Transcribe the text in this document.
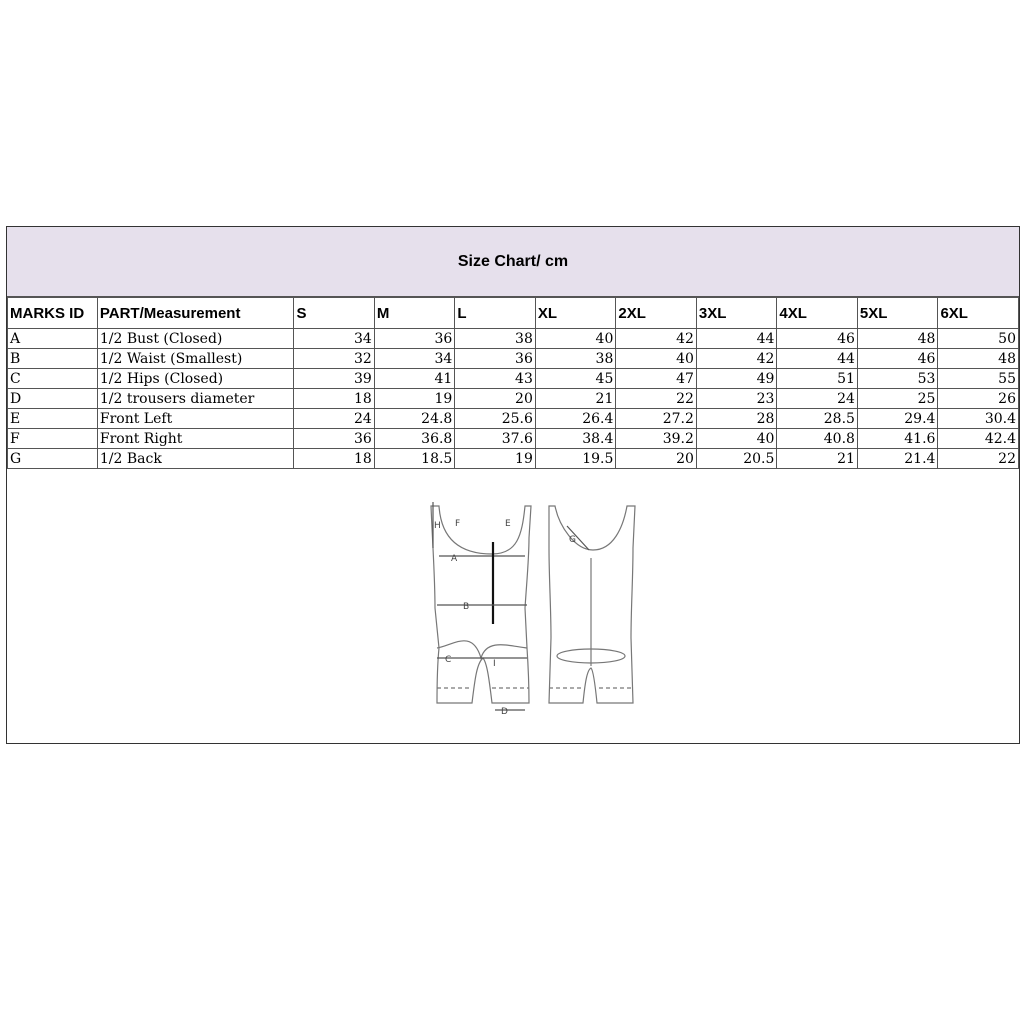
Size Chart/ cm
MARKS ID	PART/Measurement	S	M	L	XL	2XL	3XL	4XL	5XL	6XL
A	1/2 Bust (Closed)	34	36	38	40	42	44	46	48	50
B	1/2 Waist (Smallest)	32	34	36	38	40	42	44	46	48
C	1/2 Hips (Closed)	39	41	43	45	47	49	51	53	55
D	1/2 trousers diameter	18	19	20	21	22	23	24	25	26
E	Front Left	24	24.8	25.6	26.4	27.2	28	28.5	29.4	30.4
F	Front Right	36	36.8	37.6	38.4	39.2	40	40.8	41.6	42.4
G	1/2 Back	18	18.5	19	19.5	20	20.5	21	21.4	22
H F	E
A
B
C	I
D
G
